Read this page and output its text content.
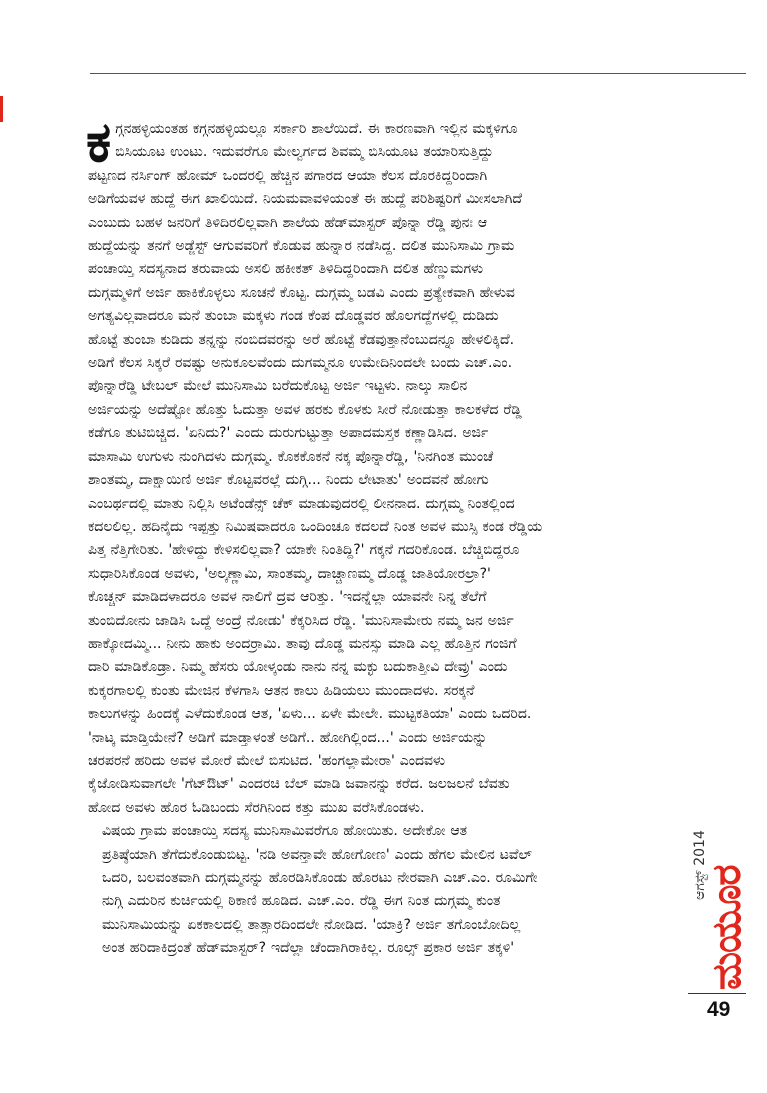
ಕ ಗ್ಗನಹಳ್ಳಿಯಂತಹ ಕಗ್ಗನಹಳ್ಳಿಯಲ್ಲೂ ಸರ್ಕಾರಿ ಶಾಲೆಯಿದೆ. ಈ ಕಾರಣವಾಗಿ ಇಲ್ಲಿನ ಮಕ್ಕಳಿಗೂ
ಬಿಸಿಯೂಟ ಉಂಟು. ಇದುವರೆಗೂ ಮೇಲ್ವರ್ಗದ ಶಿವಮ್ಮ ಬಿಸಿಯೂಟ ತಯಾರಿಸುತ್ತಿದ್ದು
ಪಟ್ಟಣದ ನರ್ಸಿಂಗ್ ಹೋಮ್ ಒಂದರಲ್ಲಿ ಹೆಚ್ಚಿನ ಪಗಾರದ ಆಯಾ ಕೆಲಸ ದೊರಕಿದ್ದರಿಂದಾಗಿ
ಅಡಿಗೆಯವಳ ಹುದ್ದೆ ಈಗ ಖಾಲಿಯಿದೆ. ನಿಯಮವಾವಳಿಯಂತೆ ಈ ಹುದ್ದೆ ಪರಿಶಿಷ್ಟರಿಗೆ ಮೀಸಲಾಗಿದೆ
ಎಂಬುದು ಬಹಳ ಜನರಿಗೆ ತಿಳಿದಿರಲಿಲ್ಲವಾಗಿ ಶಾಲೆಯ ಹೆಡ್‌ಮಾಸ್ಟರ್ ಪೊನ್ನಾ ರೆಡ್ಡಿ ಪುನಃ ಆ
ಹುದ್ದೆಯನ್ನು ತನಗೆ ಅಡ್ಜೆಸ್ಟ್ ಆಗುವವರಿಗೆ ಕೊಡುವ ಹುನ್ನಾರ ನಡೆಸಿದ್ದ. ದಲಿತ ಮುನಿಸಾಮಿ ಗ್ರಾಮ
ಪಂಚಾಯ್ತಿ ಸದಸ್ಯನಾದ ತರುವಾಯ ಅಸಲಿ ಹಕೀಕತ್ ತಿಳಿದಿದ್ದರಿಂದಾಗಿ ದಲಿತ ಹೆಣ್ಣುಮಗಳು
ದುಗ್ಗಮ್ಮಳಿಗೆ ಅರ್ಜಿ ಹಾಕಿಕೊಳ್ಳಲು ಸೂಚನೆ ಕೊಟ್ಟ. ದುಗ್ಗಮ್ಮ ಬಡವಿ ಎಂದು ಪ್ರತ್ಯೇಕವಾಗಿ ಹೇಳುವ
ಅಗತ್ಯವಿಲ್ಲವಾದರೂ ಮನೆ ತುಂಬಾ ಮಕ್ಕಳು ಗಂಡ ಕೆಂಪ ದೊಡ್ಡವರ ಹೊಲಗದ್ದೆಗಳಲ್ಲಿ ದುಡಿದು
ಹೊಟ್ಟೆ ತುಂಬಾ ಕುಡಿದು ತನ್ನನ್ನು ನಂಬಿದವರನ್ನು ಅರೆ ಹೊಟ್ಟೆ ಕೆಡವುತ್ತಾನೆಂಬುದನ್ನೂ ಹೇಳಲಿಕ್ಕಿದೆ.
ಅಡಿಗೆ ಕೆಲಸ ಸಿಕ್ಕರೆ ರವಷ್ಟು ಅನುಕೂಲವೆಂದು ದುಗಮ್ಮನೂ ಉಮೇದಿನಿಂದಲೇ ಬಂದು ಎಚ್.ಎಂ.
ಪೊನ್ನಾರೆಡ್ಡಿ ಟೇಬಲ್ ಮೇಲೆ ಮುನಿಸಾಮಿ ಬರೆದುಕೊಟ್ಟ ಅರ್ಜಿ ಇಟ್ಟಳು. ನಾಲ್ಕು ಸಾಲಿನ
ಅರ್ಜಿಯನ್ನು ಅದೆಷ್ಟೋ ಹೊತ್ತು ಓದುತ್ತಾ ಅವಳ ಹರಕು ಕೊಳಕು ಸೀರೆ ನೋಡುತ್ತಾ ಕಾಲಕಳೆದ ರೆಡ್ಡಿ
ಕಡೆಗೂ ತುಟಿಬಿಚ್ಚಿದ. 'ಏನಿದು?' ಎಂದು ದುರುಗುಟ್ಟುತ್ತಾ ಅಪಾದಮಸ್ತಕ ಕಣ್ಣಾಡಿಸಿದ. ಅರ್ಜಿ
ಮಾಸಾಮಿ ಉಗುಳು ನುಂಗಿದಳು ದುಗ್ಗಮ್ಮ. ಕೊಕಕೊಕನೆ ನಕ್ಕ ಪೊನ್ನಾರೆಡ್ಡಿ, 'ನಿನಗಿಂತ ಮುಂಚೆ
ಶಾಂತಮ್ಮ, ದಾಕ್ಷಾಯಿಣಿ ಅರ್ಜಿ ಕೊಟ್ಟವರಲ್ಲೆ ದುಗ್ಗಿ... ನಿಂದು ಲೇಟಾತು' ಅಂದವನೆ ಹೋಗು
ಎಂಬರ್ಥದಲ್ಲಿ ಮಾತು ನಿಲ್ಲಿಸಿ ಅಟೆಂಡೆನ್ಸ್ ಚೆಕ್ ಮಾಡುವುದರಲ್ಲಿ ಲೀನನಾದ. ದುಗ್ಗಮ್ಮ ನಿಂತಲ್ಲಿಂದ
ಕದಲಲಿಲ್ಲ. ಹದಿನೈದು ಇಪ್ಪತ್ತು ನಿಮಿಷವಾದರೂ ಒಂದಿಂಚೂ ಕದಲದೆ ನಿಂತ ಅವಳ ಮುಸ್ಸಿ ಕಂಡ ರೆಡ್ಡಿಯ
ಪಿತ್ತ ನೆತ್ತಿಗೇರಿತು. 'ಹೇಳಿದ್ದು ಕೇಳಿಸಲಿಲ್ಲವಾ? ಯಾಕೇ ನಿಂತಿದ್ದಿ?' ಗಕ್ಕನೆ ಗದರಿಕೊಂಡ. ಬೆಚ್ಚಿಬಿದ್ದರೂ
ಸುಧಾರಿಸಿಕೊಂಡ ಅವಳು, 'ಅಲ್ಕಣ್ಣಾಮಿ, ಸಾಂತಮ್ಮ, ದಾಚ್ಚಾಣಮ್ಮ ದೊಡ್ಡ ಜಾತಿಯೋರಲ್ರಾ?'
ಕೊಚ್ಚನ್ ಮಾಡಿದಳಾದರೂ ಅವಳ ನಾಲಿಗೆ ದ್ರವ ಆರಿತ್ತು. 'ಇದನ್ನೆಲ್ಲಾ ಯಾವನೇ ನಿನ್ನ ತೆಲೆಗೆ
ತುಂಬಿದೋನು ಜಾಡಿಸಿ ಒದ್ದೆ ಅಂದ್ರೆ ನೋಡು' ಕೆಕ್ಕರಿಸಿದ ರೆಡ್ಡಿ. 'ಮುನಿಸಾಮೇರು ನಮ್ಮ ಜನ ಅರ್ಜಿ
ಹಾಕ್ಕೋದಮ್ಮಿ... ನೀನು ಹಾಕು ಅಂದರ್ರಾಮಿ. ತಾವು ದೊಡ್ಡ ಮನಸ್ಸು ಮಾಡಿ ಎಲ್ಲ ಹೊತ್ತಿನ ಗಂಜಿಗೆ
ದಾರಿ ಮಾಡಿಕೊಡ್ರಾ. ನಿಮ್ಮ ಹೆಸರು ಯೋಳ್ಕಂಡು ನಾನು ನನ್ನ ಮಕ್ಳು ಬದುಕಾತ್ತೀವಿ ದೇವ್ರು' ಎಂದು
ಕುಕ್ಕರಗಾಲಲ್ಲಿ ಕುಂತು ಮೇಜಿನ ಕೆಳಗಾಸಿ ಆತನ ಕಾಲು ಹಿಡಿಯಲು ಮುಂದಾದಳು. ಸರಕ್ಕನೆ
ಕಾಲುಗಳನ್ನು ಹಿಂದಕ್ಕೆ ಎಳೆದುಕೊಂಡ ಆತ, 'ಏಳು... ಏಳೇ ಮೇಲೇ. ಮುಟ್ಟಕತಿಯಾ' ಎಂದು ಒದರಿದ.
'ನಾಟ್ಕ ಮಾಡ್ತಿಯೇನೆ? ಅಡಿಗೆ ಮಾಡ್ತಾಳಂತೆ ಅಡಿಗೆ.. ಹೋಗಿಲ್ಲಿಂದ...' ಎಂದು ಅರ್ಜಿಯನ್ನು
ಚರಪರನೆ ಹರಿದು ಅವಳ ಮೋರೆ ಮೇಲೆ ಬಿಸುಟಿದ. 'ಹಂಗಲ್ಲಾಮೇರಾ' ಎಂದವಳು
ಕೈಜೋಡಿಸುವಾಗಲೇ 'ಗೆಟ್‌ಔಟ್' ಎಂದರಚಿ ಬೆಲ್ ಮಾಡಿ ಜವಾನನ್ನು ಕರೆದ. ಜಲಜಲನೆ ಬೆವತು
ಹೋದ ಅವಳು ಹೊರ ಓಡಿಬಂದು ಸೆರಗಿನಿಂದ ಕತ್ತು ಮುಖ ವರೆಸಿಕೊಂಡಳು.

ವಿಷಯ ಗ್ರಾಮ ಪಂಚಾಯ್ತಿ ಸದಸ್ಯ ಮುನಿಸಾಮಿವರೆಗೂ ಹೋಯಿತು. ಅದೇಕೋ ಆತ
ಪ್ರತಿಷ್ಠೆಯಾಗಿ ತೆಗೆದುಕೊಂಡುಬಿಟ್ಟ. 'ನಡಿ ಅವನ್ತಾವೇ ಹೋಗೋಣ' ಎಂದು ಹೆಗಲ ಮೇಲಿನ ಟವೆಲ್
ಒದರಿ, ಬಲವಂತವಾಗಿ ದುಗ್ಗಮ್ಮನನ್ನು ಹೊರಡಿಸಿಕೊಂಡು ಹೊರಟು ನೇರವಾಗಿ ಎಚ್.ಎಂ. ರೂಮಿಗೇ
ನುಗ್ಗಿ ಎದುರಿನ ಕುರ್ಚಿಯಲ್ಲಿ ಠಿಕಾಣಿ ಹೂಡಿದ. ಎಚ್.ಎಂ. ರೆಡ್ಡಿ ಈಗ ನಿಂತ ದುಗ್ಗಮ್ಮ ಕುಂತ
ಮುನಿಸಾಮಿಯನ್ನು ಏಕಕಾಲದಲ್ಲಿ ತಾತ್ಸಾರದಿಂದಲೇ ನೋಡಿದ. 'ಯಾಕ್ರಿ? ಅರ್ಜಿ ತಗೊಂಬೋದಿಲ್ಲ
ಅಂತ ಹರಿದಾಕಿದ್ರಂತೆ ಹೆಡ್‌ಮಾಸ್ಟರ್? ಇದೆಲ್ಲಾ ಚೆಂದಾಗಿರಾಕಿಲ್ಲ. ರೂಲ್ಸ್ ಪ್ರಕಾರ ಅರ್ಜಿ ತಕ್ಕಳಿ'

ಆಗಸ್ಟ್ 2014
ಮಯೂರ
49
